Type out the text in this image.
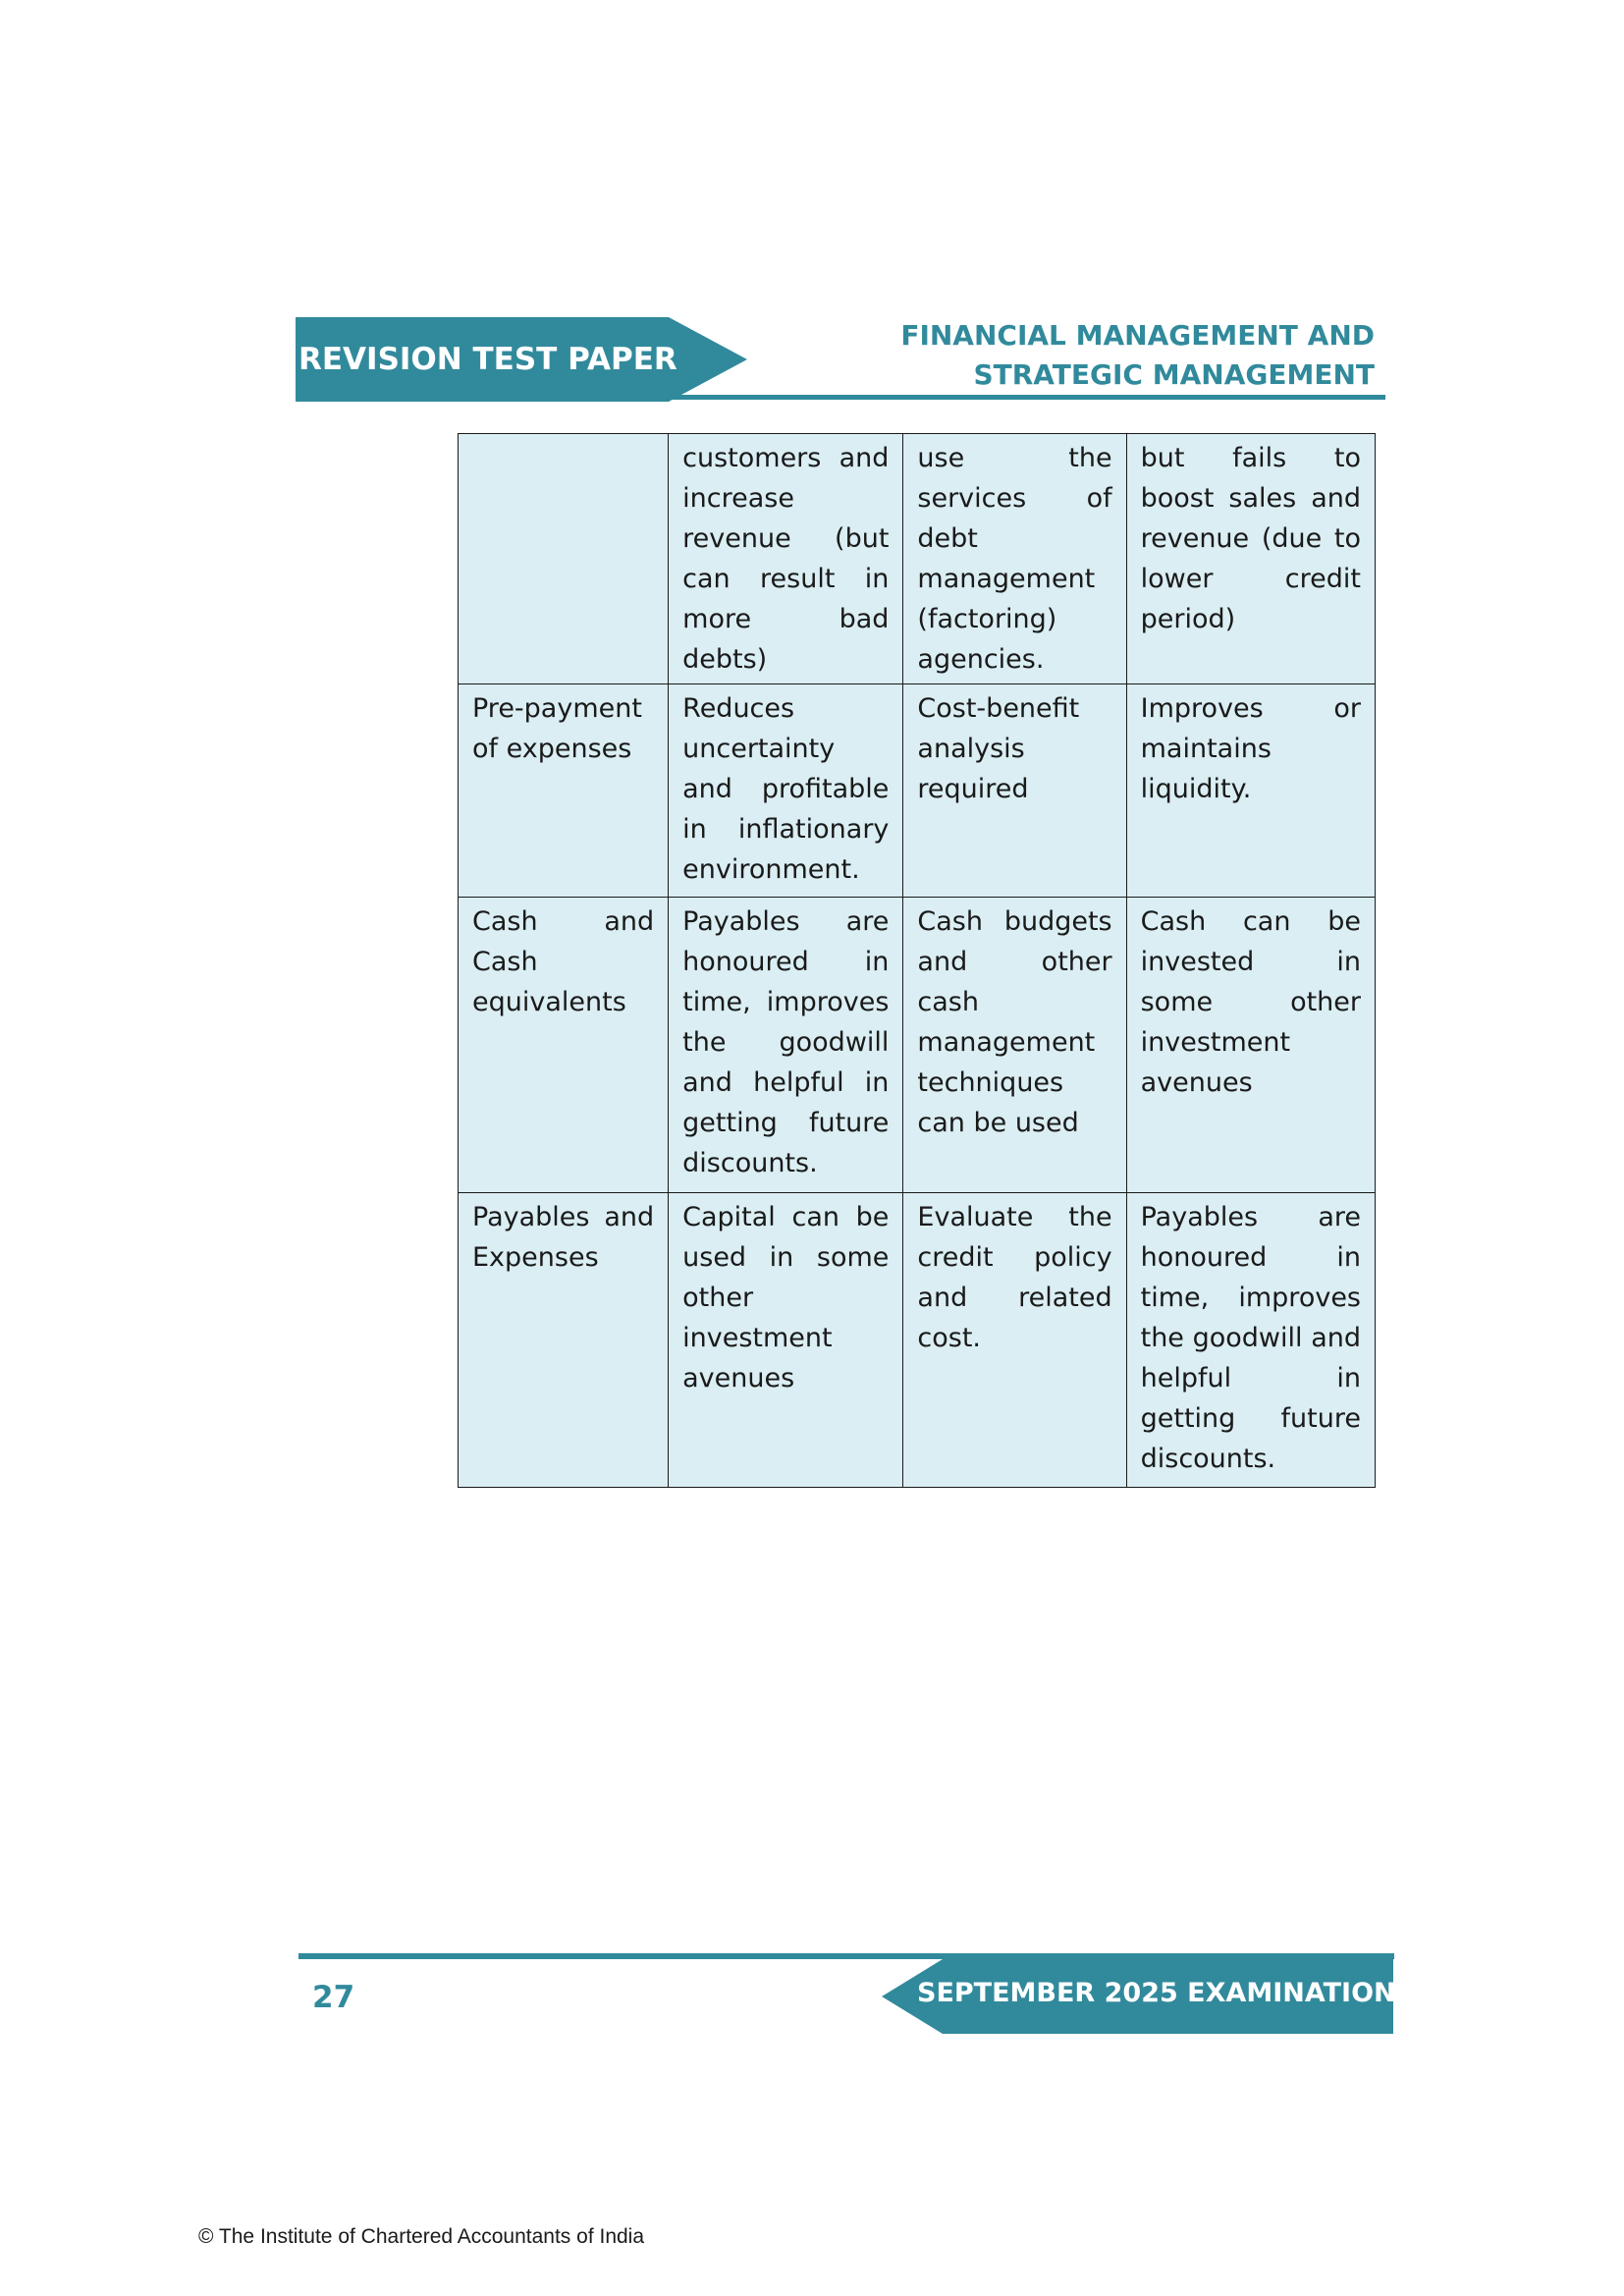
REVISION TEST PAPER
FINANCIAL MANAGEMENT AND
STRATEGIC MANAGEMENT
	customers and increase revenue (but can result in more bad debts)	use the services of debt management (factoring) agencies.	but fails to boost sales and revenue (due to lower credit period)
Pre-payment of expenses	Reduces uncertainty and profitable in inflationary environment.	Cost-benefit analysis required	Improves or maintains liquidity.
Cash and Cash equivalents	Payables are honoured in time, improves the goodwill and helpful in getting future discounts.	Cash budgets and other cash management techniques can be used	Cash can be invested in some other investment avenues
Payables and Expenses	Capital can be used in some other investment avenues	Evaluate the credit policy and related cost.	Payables are honoured in time, improves the goodwill and helpful in getting future discounts.
27	SEPTEMBER 2025 EXAMINATION
© The Institute of Chartered Accountants of India
